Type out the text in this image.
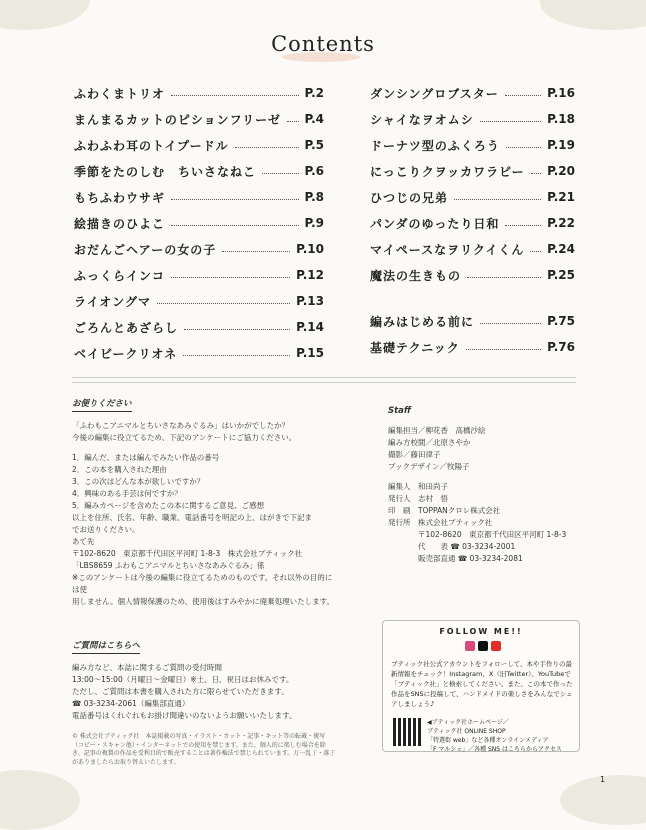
Contents
ふわくまトリオ	P.2
まんまるカットのピションフリーゼ P.4
ふわふわ耳のトイプードル	P.5
季節をたのしむ　ちいさなねこ	P.6
もちふわウサギ	P.8
絵描きのひよこ	P.9
おだんごヘアーの女の子	P.10
ふっくらインコ	P.12
ライオングマ	P.13
ごろんとあざらし	P.14
ベイビークリオネ	P.15
ダンシングロブスター	P.16
シャイなヲオムシ	P.18
ドーナツ型のふくろう	P.19
にっこりクヲッカワラビー P.20
ひつじの兄弟	P.21
パンダのゆったり日和	P.22
マイペースなヲリクイくん P.24
魔法の生きもの	P.25
編みはじめる前に	P.75
基礎テクニック	P.76
お便りください
「ふわもこアニマルとちいさなあみぐるみ」はいかがでしたか？
今後の編集に役立てるため、下記のアンケートにご協力ください。
1．編んだ、または編んでみたい作品の番号
2．この本を購入された理由
3．この次はどんな本が欲しいですか？
4．興味のある手芸は何ですか？
5．編みカページを含めたこの本に関するご意見、ご感想
以上を住所、氏名、年齢、職業、電話番号を明記の上、はがきで下記ま
でお送りください。
あて先
〒102-8620　東京都千代田区平河町 1-8-3　株式会社ブティック社
「LBS8659 ふわもこアニマルとちいさなあみぐるみ」係
※このアンケートは今後の編集に役立てるためのものです。それ以外の目的には使
用しません。個人情報保護のため、使用後はすみやかに廃棄処理いたします。
ご質問はこちらへ
編み方など、本誌に関するご質問の受付時間
13:00～15:00（月曜日～金曜日）※土、日、祝日はお休みです。
ただし、ご質問は本書を購入された方に限らせていただきます。
☎ 03-3234-2061（編集部直通）
電話番号はくれぐれもお掛け間違いのないようお願いいたします。
© 株式会社ブティック社　本誌掲載の写真・イラスト・カット・記事・キット等の転載・複写（コピー・スキャン他）・インターネットでの使用を禁じます。また、個人的に楽しむ場合を除き、記事の複製の作品を受利目的で販売することは著作権法で禁じられています。万一乱丁・落丁がありましたらお取り替えいたします。
Staff
編集担当／柳花香　高橋沙絵
編み方校閲／北原さやか
撮影／藤田律子
ブックデザイン／牧陽子
編集人　和田尚子
発行人　志村　悟
印　刷　TOPPANクロレ株式会社
発行所　株式会社ブティック社
　　　　〒102-8620　東京都千代田区平河町 1-8-3
　　　　代　　表 ☎ 03-3234-2001
　　　　販売部直通 ☎ 03-3234-2081
FOLLOW ME!!
ブティック社公式アカウントをフォローして、本や手作りの最新情報をチェック！Instagram、X（旧Twitter）、YouTubeで「ブティック社」と検索してください。また、この本で作った作品をSNSに投稿して、ハンドメイドの楽しさをみんなでシェアしましょう♪
◀ブティック社ホームページ／
ブティック社 ONLINE SHOP
「特選街 web」など各種オンラインメディア
「F マルシェ」／各種 SNS はこちらからアクセス
1
